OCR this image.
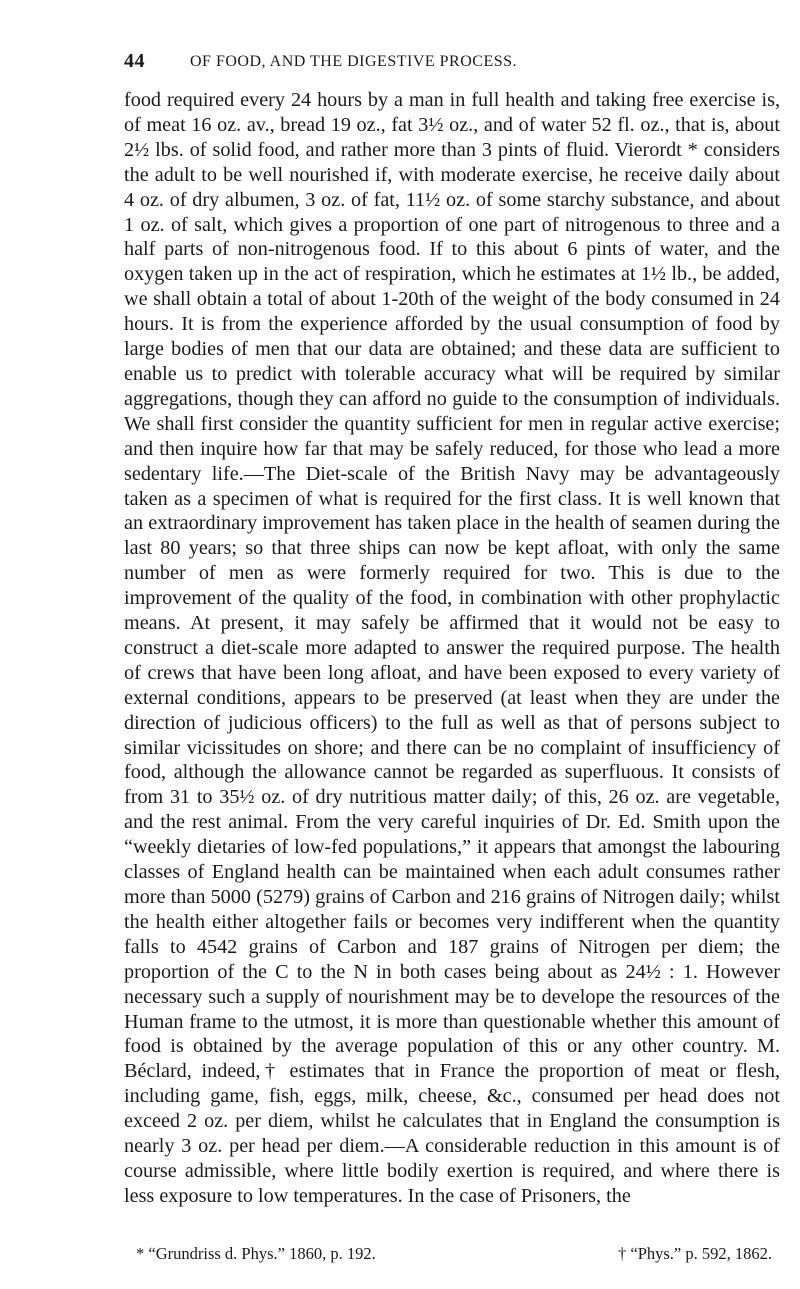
44	OF FOOD, AND THE DIGESTIVE PROCESS.

food required every 24 hours by a man in full health and taking free exercise is, of meat 16 oz. av., bread 19 oz., fat 3½ oz., and of water 52 fl. oz., that is, about 2½ lbs. of solid food, and rather more than 3 pints of fluid. Vierordt * considers the adult to be well nourished if, with moderate exercise, he receive daily about 4 oz. of dry albumen, 3 oz. of fat, 11½ oz. of some starchy substance, and about 1 oz. of salt, which gives a proportion of one part of nitrogenous to three and a half parts of non-nitrogenous food. If to this about 6 pints of water, and the oxygen taken up in the act of respiration, which he estimates at 1½ lb., be added, we shall obtain a total of about 1-20th of the weight of the body consumed in 24 hours. It is from the experience afforded by the usual consumption of food by large bodies of men that our data are obtained; and these data are sufficient to enable us to predict with tolerable accuracy what will be required by similar aggregations, though they can afford no guide to the consumption of individuals. We shall first consider the quantity sufficient for men in regular active exercise; and then inquire how far that may be safely reduced, for those who lead a more sedentary life.—The Diet-scale of the British Navy may be advantageously taken as a specimen of what is required for the first class. It is well known that an extraordinary improvement has taken place in the health of seamen during the last 80 years; so that three ships can now be kept afloat, with only the same number of men as were formerly required for two. This is due to the improvement of the quality of the food, in combination with other prophylactic means. At present, it may safely be affirmed that it would not be easy to construct a diet-scale more adapted to answer the required purpose. The health of crews that have been long afloat, and have been exposed to every variety of external conditions, appears to be preserved (at least when they are under the direction of judicious officers) to the full as well as that of persons subject to similar vicissitudes on shore; and there can be no complaint of insufficiency of food, although the allowance cannot be regarded as superfluous. It consists of from 31 to 35½ oz. of dry nutritious matter daily; of this, 26 oz. are vegetable, and the rest animal. From the very careful inquiries of Dr. Ed. Smith upon the “weekly dietaries of low-fed populations,” it appears that amongst the labouring classes of England health can be maintained when each adult consumes rather more than 5000 (5279) grains of Carbon and 216 grains of Nitrogen daily; whilst the health either altogether fails or becomes very indifferent when the quantity falls to 4542 grains of Carbon and 187 grains of Nitrogen per diem; the proportion of the C to the N in both cases being about as 24½ : 1. However necessary such a supply of nourishment may be to develope the resources of the Human frame to the utmost, it is more than questionable whether this amount of food is obtained by the average population of this or any other country. M. Béclard, indeed,† estimates that in France the proportion of meat or flesh, including game, fish, eggs, milk, cheese, &c., consumed per head does not exceed 2 oz. per diem, whilst he calculates that in England the consumption is nearly 3 oz. per head per diem.—A considerable reduction in this amount is of course admissible, where little bodily exertion is required, and where there is less exposure to low temperatures. In the case of Prisoners, the

* “Grundriss d. Phys.” 1860, p. 192.	† “Phys.” p. 592, 1862.
